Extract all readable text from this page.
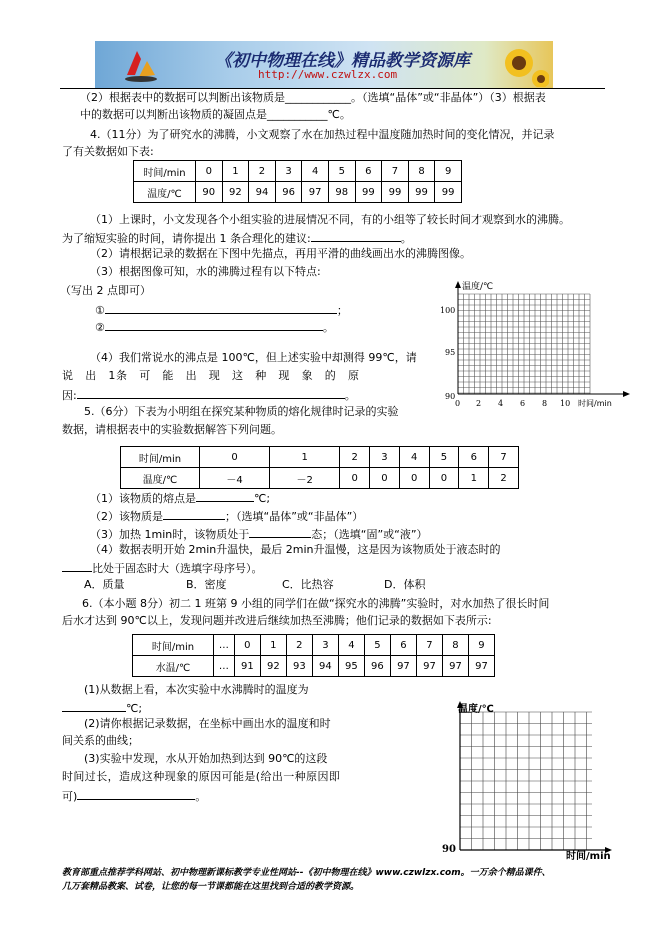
《初中物理在线》精品教学资源库
http://www.czwlzx.com
（2）根据表中的数据可以判断出该物质是____________。（选填“晶体”或“非晶体”）（3）根据表
中的数据可以判断出该物质的凝固点是___________℃。
4.（11分）为了研究水的沸腾，小文观察了水在加热过程中温度随加热时间的变化情况，并记录
了有关数据如下表:
时间/min	0	1	2	3	4	5	6	7	8	9
温度/℃	90	92	94	96	97	98	99	99	99	99
（1）上课时，小文发现各个小组实验的进展情况不同，有的小组等了较长时间才观察到水的沸腾。
为了缩短实验的时间，请你提出 1 条合理化的建议:	。
（2）请根据记录的数据在下图中先描点，再用平滑的曲线画出水的沸腾图像。
（3）根据图像可知，水的沸腾过程有以下特点:
（写出 2 点即可）
①	；
②	。
（4）我们常说水的沸点是 100℃，但上述实验中却测得 99℃，请
说　出　1条　可　能　出　现　这　种　现　象　的　原
因:	。
温度/℃
100
95
90
0 2 4 6 8 10 时间/min
5.（6分）下表为小明组在探究某种物质的熔化规律时记录的实验
数据，请根据表中的实验数据解答下列问题。
时间/min	0	1	2	3	4	5	6	7
温度/℃	－4	－2	0	0	0	0	1	2
（1）该物质的熔点是	℃;
（2）该物质是	；（选填“晶体”或“非晶体”）
（3）加热 1min时，该物质处于	态；（选填“固”或“液”）
（4）数据表明开始 2min升温快，最后 2min升温慢，这是因为该物质处于液态时的
比处于固态时大（选填字母序号）。
A．质量	B．密度	C．比热容	D．体积
6.（本小题 8分）初二 1 班第 9 小组的同学们在做“探究水的沸腾”实验时，对水加热了很长时间
后水才达到 90℃以上，发现问题并改进后继续加热至沸腾；他们记录的数据如下表所示:
时间/min	…	0	1	2	3	4	5	6	7	8	9
水温/℃	…	91	92	93	94	95	96	97	97	97	97
(1)从数据上看，本次实验中水沸腾时的温度为
℃;
(2)请你根据记录数据，在坐标中画出水的温度和时
间关系的曲线；
(3)实验中发现，水从开始加热到达到 90℃的这段
时间过长，造成这种现象的原因可能是(给出一种原因即
可)	。
温度/℃
90
时间/min
教育部重点推荐学科网站、初中物理新课标教学专业性网站--《初中物理在线》www.czwlzx.com。一万余个精品课件、
几万套精品教案、试卷，让您的每一节课都能在这里找到合适的教学资源。
